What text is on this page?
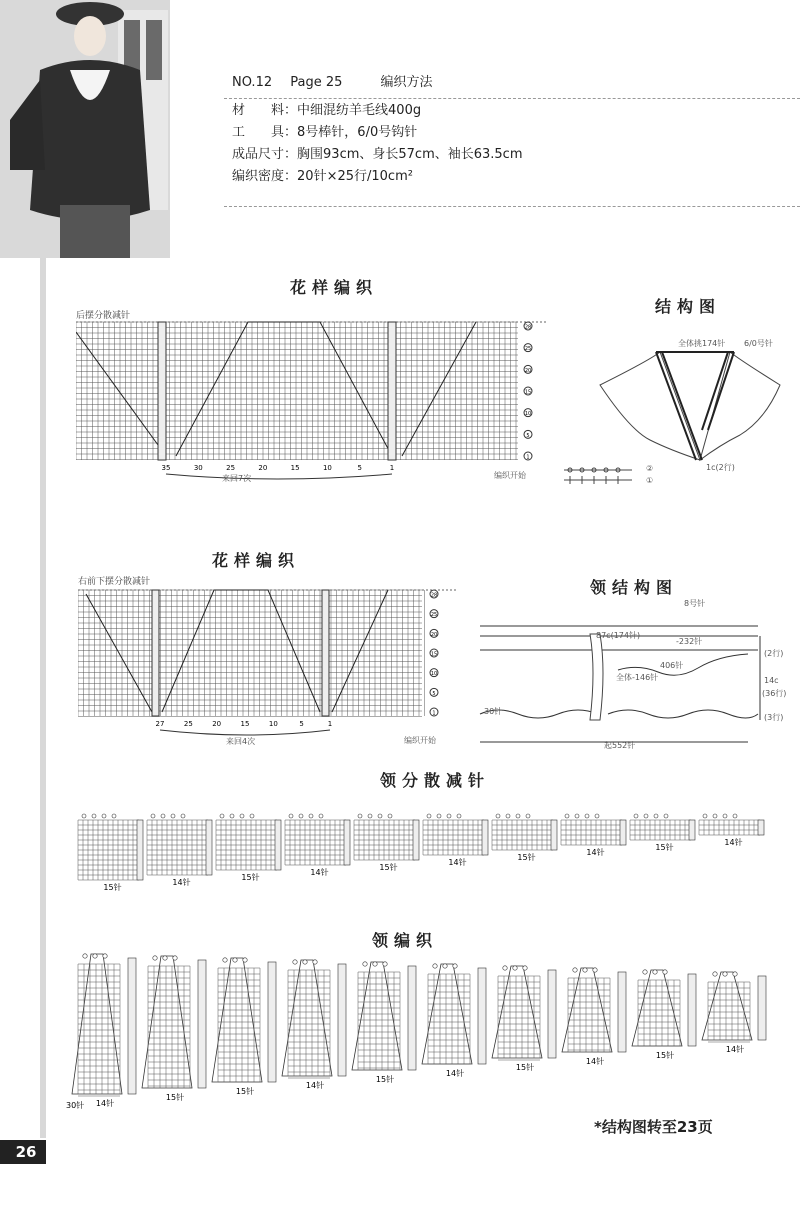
NO.12 Page 25	编织方法
材　　料：中细混纺羊毛线400g
工　　具：8号棒针，6/0号钩针
成品尺寸：胸围93cm、身长57cm、袖长63.5cm
编织密度：20针×25行/10cm²
花样编织
后摆分散减针
28
25
20
15
10
5
1
35	30	25	20	15	10	5	1
来回7次	编织开始
结构图
全体挑174针 6/0号针
1c(2行)
②
①
花样编织
右前下摆分散减针
28
25
20
15
10
5
1
27	25	20	15	10	5	1
来回4次	编织开始
领结构图
8号针
87c(174针)
-232针
406针
全体-146针
(2行)
14c
(36行)
(3行)
30针
起552针
领分散减针
15针
14针
15针
14针
15针
14针
15针
14针
15针
14针
领编织
14针
15针
15针
14针
15针
14针
15针
14针
15针
14针
30针
*结构图转至23页
26
